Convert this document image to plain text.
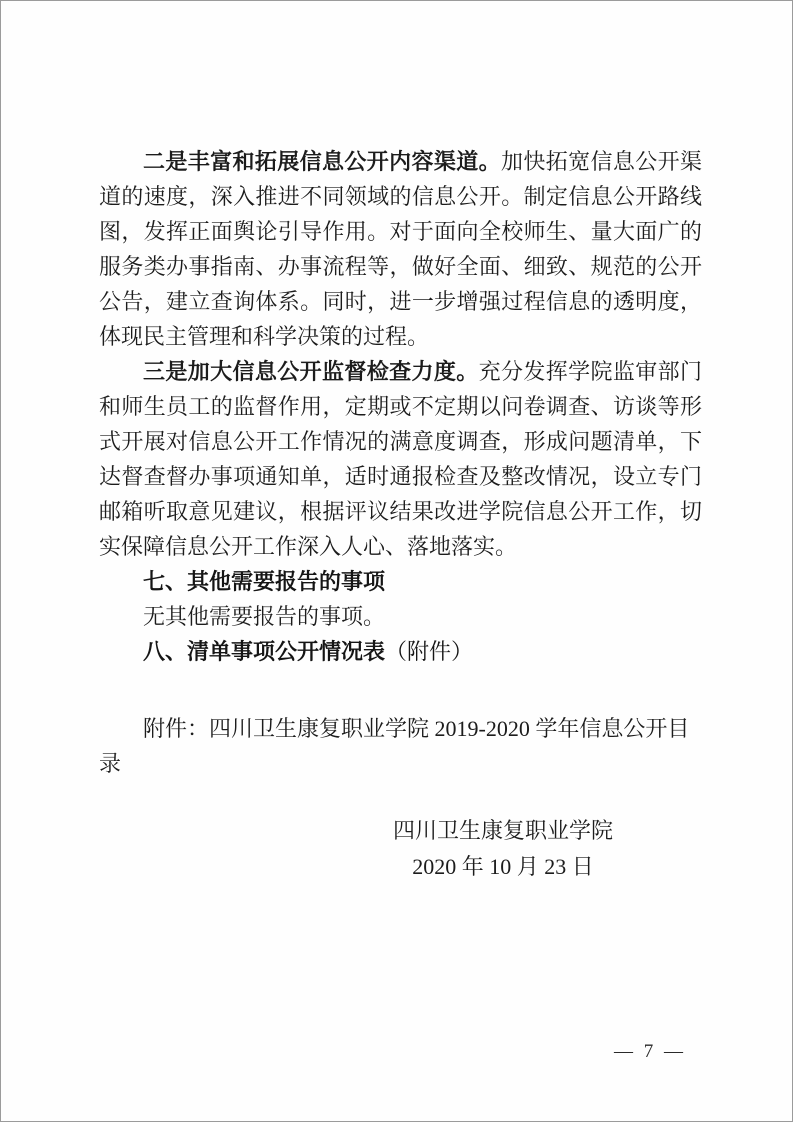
二是丰富和拓展信息公开内容渠道。加快拓宽信息公开渠道的速度，深入推进不同领域的信息公开。制定信息公开路线图，发挥正面舆论引导作用。对于面向全校师生、量大面广的服务类办事指南、办事流程等，做好全面、细致、规范的公开公告，建立查询体系。同时，进一步增强过程信息的透明度，体现民主管理和科学决策的过程。

三是加大信息公开监督检查力度。充分发挥学院监审部门和师生员工的监督作用，定期或不定期以问卷调查、访谈等形式开展对信息公开工作情况的满意度调查，形成问题清单，下达督查督办事项通知单，适时通报检查及整改情况，设立专门邮箱听取意见建议，根据评议结果改进学院信息公开工作，切实保障信息公开工作深入人心、落地落实。

七、其他需要报告的事项

无其他需要报告的事项。

八、清单事项公开情况表（附件）

附件：四川卫生康复职业学院 2019-2020 学年信息公开目录

四川卫生康复职业学院
2020 年 10 月 23 日
— 7 —
